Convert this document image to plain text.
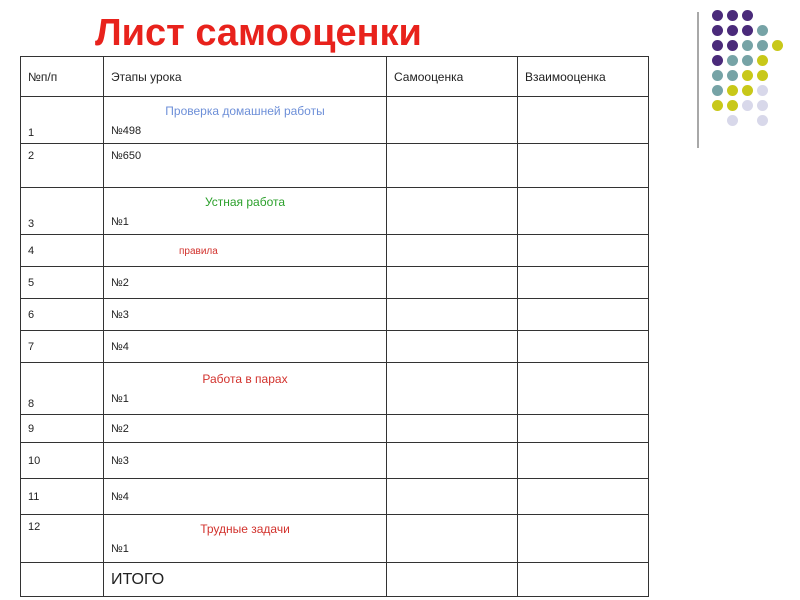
Лист самооценки
№п/п	Этапы урока	Самооценка	Взаимооценка
1	Проверка домашней работы
№498		
2	№650		
3	Устная работа
№1		
4	правила		
5	№2		
6	№3		
7	№4		
8	Работа в парах
№1		
9	№2		
10	№3		
11	№4		
12	Трудные задачи
№1		
	ИТОГО		
